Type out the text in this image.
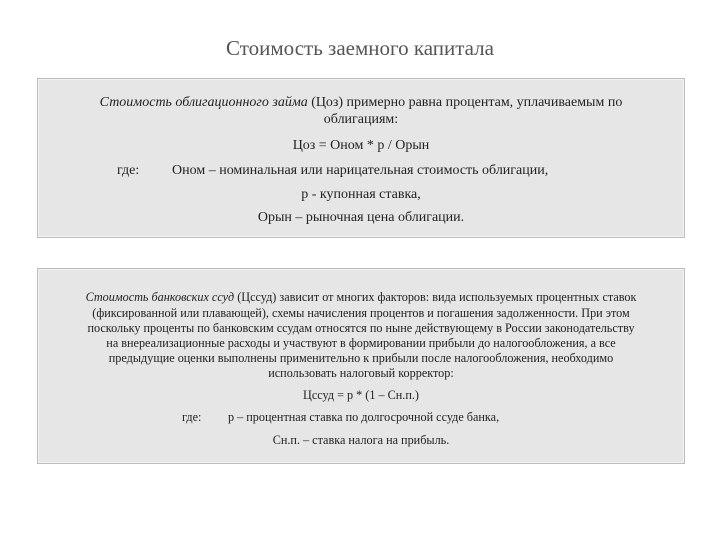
Стоимость заемного капитала
Стоимость облигационного займа (Цоз) примерно равна процентам, уплачиваемым по
облигациям:
Цоз = Оном * р / Орын
где: Оном – номинальная или нарицательная стоимость облигации,
р - купонная ставка,
Орын – рыночная цена облигации.
Стоимость банковских ссуд (Цссуд) зависит от многих факторов: вида используемых процентных ставок
(фиксированной или плавающей), схемы начисления процентов и погашения задолженности. При этом
поскольку проценты по банковским ссудам относятся по ныне действующему в России законодательству
на внереализационные расходы и участвуют в формировании прибыли до налогообложения, а все
предыдущие оценки выполнены применительно к прибыли после налогообложения, необходимо
использовать налоговый корректор:
Цссуд = р * (1 – Сн.п.)
где: р – процентная ставка по долгосрочной ссуде банка,
Сн.п. – ставка налога на прибыль.
